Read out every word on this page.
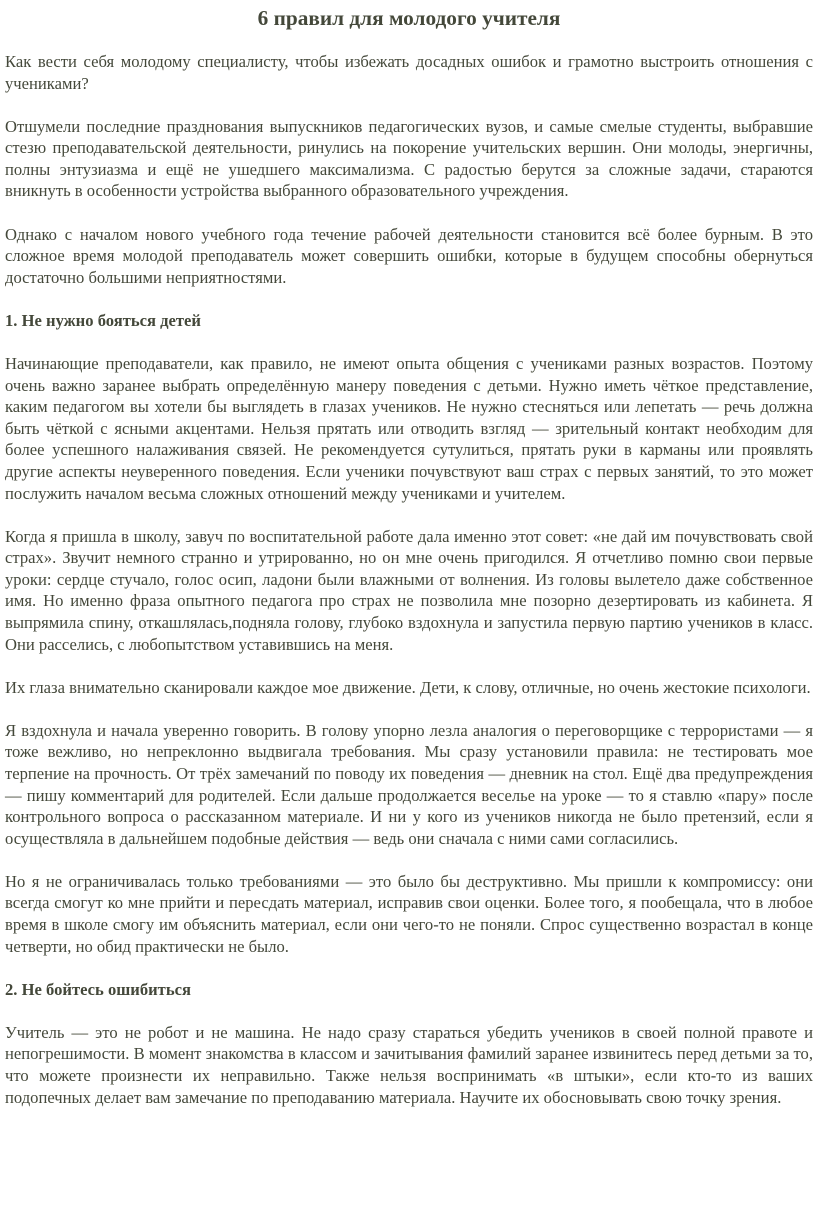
6 правил для молодого учителя

Как вести себя молодому специалисту, чтобы избежать досадных ошибок и грамотно выстроить отношения с учениками?

Отшумели последние празднования выпускников педагогических вузов, и самые смелые студенты, выбравшие стезю преподавательской деятельности, ринулись на покорение учительских вершин. Они молоды, энергичны, полны энтузиазма и ещё не ушедшего максимализма. С радостью берутся за сложные задачи, стараются вникнуть в особенности устройства выбранного образовательного учреждения.

Однако с началом нового учебного года течение рабочей деятельности становится всё более бурным. В это сложное время молодой преподаватель может совершить ошибки, которые в будущем способны обернуться достаточно большими неприятностями.

1. Не нужно бояться детей

Начинающие преподаватели, как правило, не имеют опыта общения с учениками разных возрастов. Поэтому очень важно заранее выбрать определённую манеру поведения с детьми. Нужно иметь чёткое представление, каким педагогом вы хотели бы выглядеть в глазах учеников. Не нужно стесняться или лепетать — речь должна быть чёткой с ясными акцентами. Нельзя прятать или отводить взгляд — зрительный контакт необходим для более успешного налаживания связей. Не рекомендуется сутулиться, прятать руки в карманы или проявлять другие аспекты неуверенного поведения. Если ученики почувствуют ваш страх с первых занятий, то это может послужить началом весьма сложных отношений между учениками и учителем.

Когда я пришла в школу, завуч по воспитательной работе дала именно этот совет: «не дай им почувствовать свой страх». Звучит немного странно и утрированно, но он мне очень пригодился. Я отчетливо помню свои первые уроки: сердце стучало, голос осип, ладони были влажными от волнения. Из головы вылетело даже собственное имя. Но именно фраза опытного педагога про страх не позволила мне позорно дезертировать из кабинета. Я выпрямила спину, откашлялась,подняла голову, глубоко вздохнула и запустила первую партию учеников в класс. Они расселись, с любопытством уставившись на меня.

Их глаза внимательно сканировали каждое мое движение. Дети, к слову, отличные, но очень жестокие психологи.

Я вздохнула и начала уверенно говорить. В голову упорно лезла аналогия о переговорщике с террористами — я тоже вежливо, но непреклонно выдвигала требования. Мы сразу установили правила: не тестировать мое терпение на прочность. От трёх замечаний по поводу их поведения — дневник на стол. Ещё два предупреждения — пишу комментарий для родителей. Если дальше продолжается веселье на уроке — то я ставлю «пару» после контрольного вопроса о рассказанном материале. И ни у кого из учеников никогда не было претензий, если я осуществляла в дальнейшем подобные действия — ведь они сначала с ними сами согласились.

Но я не ограничивалась только требованиями — это было бы деструктивно. Мы пришли к компромиссу: они всегда смогут ко мне прийти и пересдать материал, исправив свои оценки. Более того, я пообещала, что в любое время в школе смогу им объяснить материал, если они чего-то не поняли. Спрос существенно возрастал в конце четверти, но обид практически не было.

2. Не бойтесь ошибиться

Учитель — это не робот и не машина. Не надо сразу стараться убедить учеников в своей полной правоте и непогрешимости. В момент знакомства в классом и зачитывания фамилий заранее извинитесь перед детьми за то, что можете произнести их неправильно. Также нельзя воспринимать «в штыки», если кто-то из ваших подопечных делает вам замечание по преподаванию материала. Научите их обосновывать свою точку зрения.
